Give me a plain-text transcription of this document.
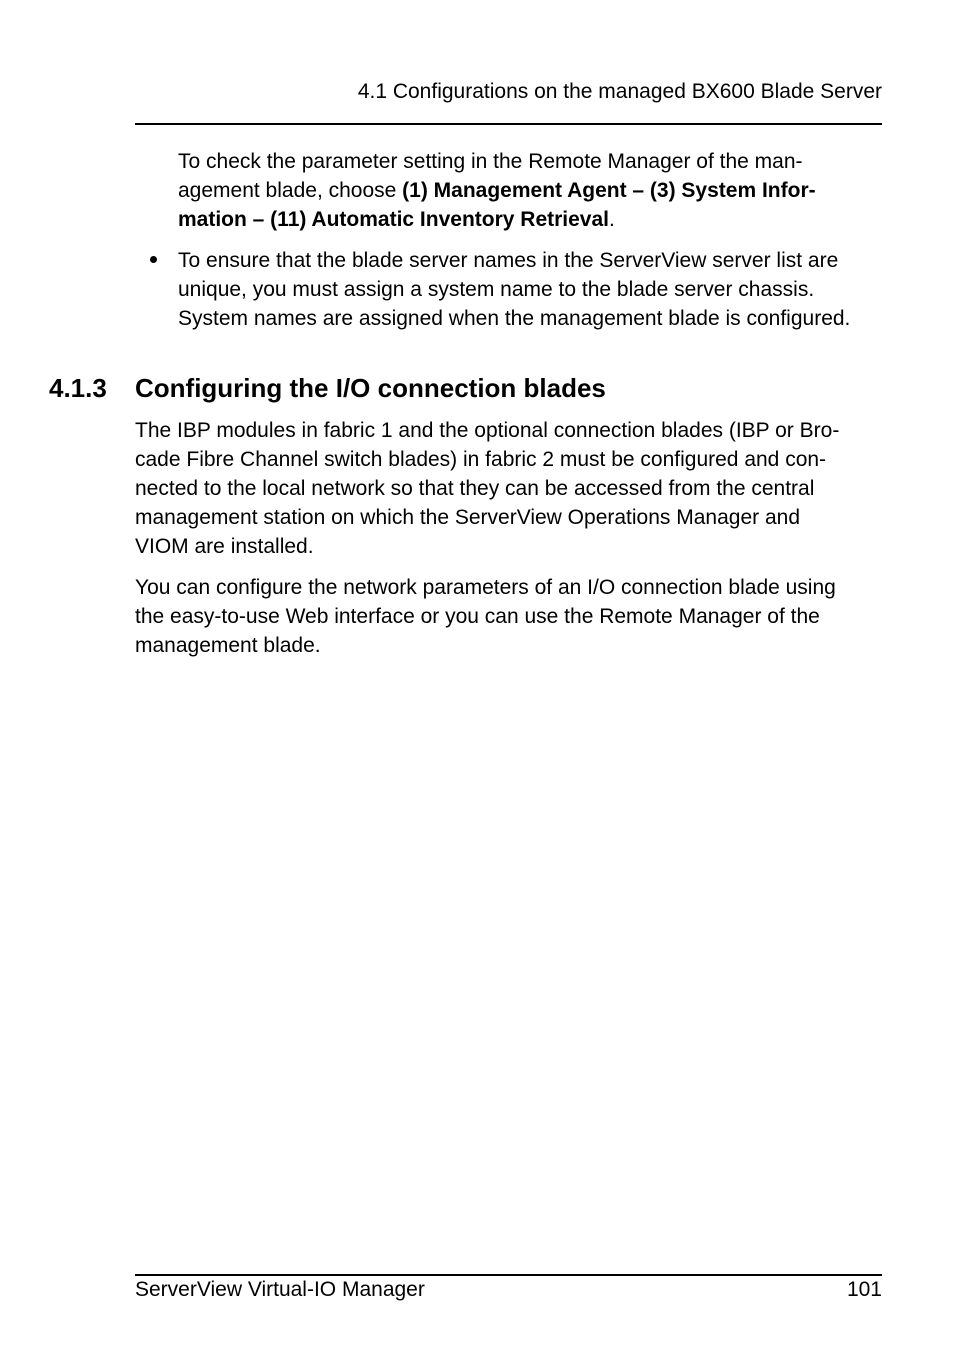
4.1 Configurations on the managed BX600 Blade Server
To check the parameter setting in the Remote Manager of the man-
agement blade, choose (1) Management Agent – (3) System Infor-
mation – (11) Automatic Inventory Retrieval.
To ensure that the blade server names in the ServerView server list are
unique, you must assign a system name to the blade server chassis.
System names are assigned when the management blade is configured.
4.1.3 Configuring the I/O connection blades
The IBP modules in fabric 1 and the optional connection blades (IBP or Bro-
cade Fibre Channel switch blades) in fabric 2 must be configured and con-
nected to the local network so that they can be accessed from the central
management station on which the ServerView Operations Manager and
VIOM are installed.
You can configure the network parameters of an I/O connection blade using
the easy-to-use Web interface or you can use the Remote Manager of the
management blade.
ServerView Virtual-IO Manager	101
